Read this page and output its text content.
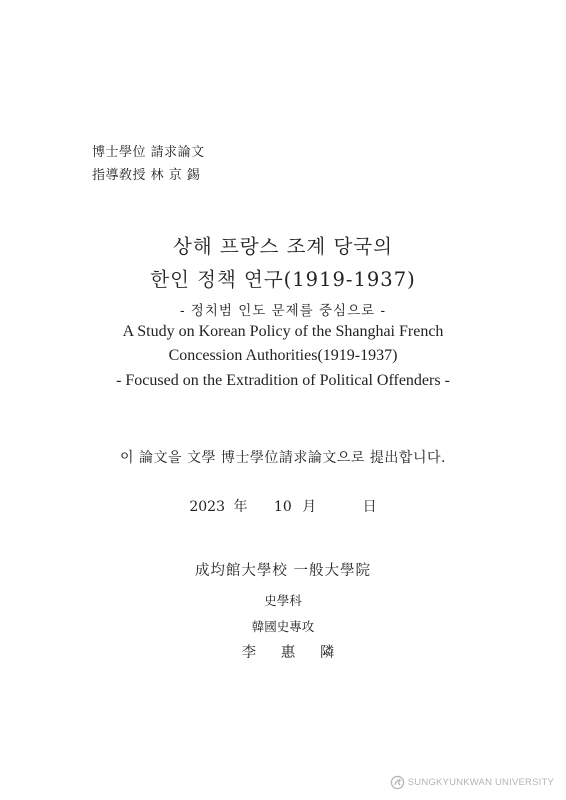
博士學位 請求論文
指導敎授 林 京 錫
상해 프랑스 조계 당국의
한인 정책 연구(1919-1937)
- 정치범 인도 문제를 중심으로 -
A Study on Korean Policy of the Shanghai French
Concession Authorities(1919-1937)
- Focused on the Extradition of Political Offenders -
이 論文을 文學 博士學位請求論文으로 提出합니다.
2023 年 10 月	日
成均館大學校 一般大學院
史學科
韓國史專攻
李 惠 隣
SUNGKYUNKWAN UNIVERSITY
